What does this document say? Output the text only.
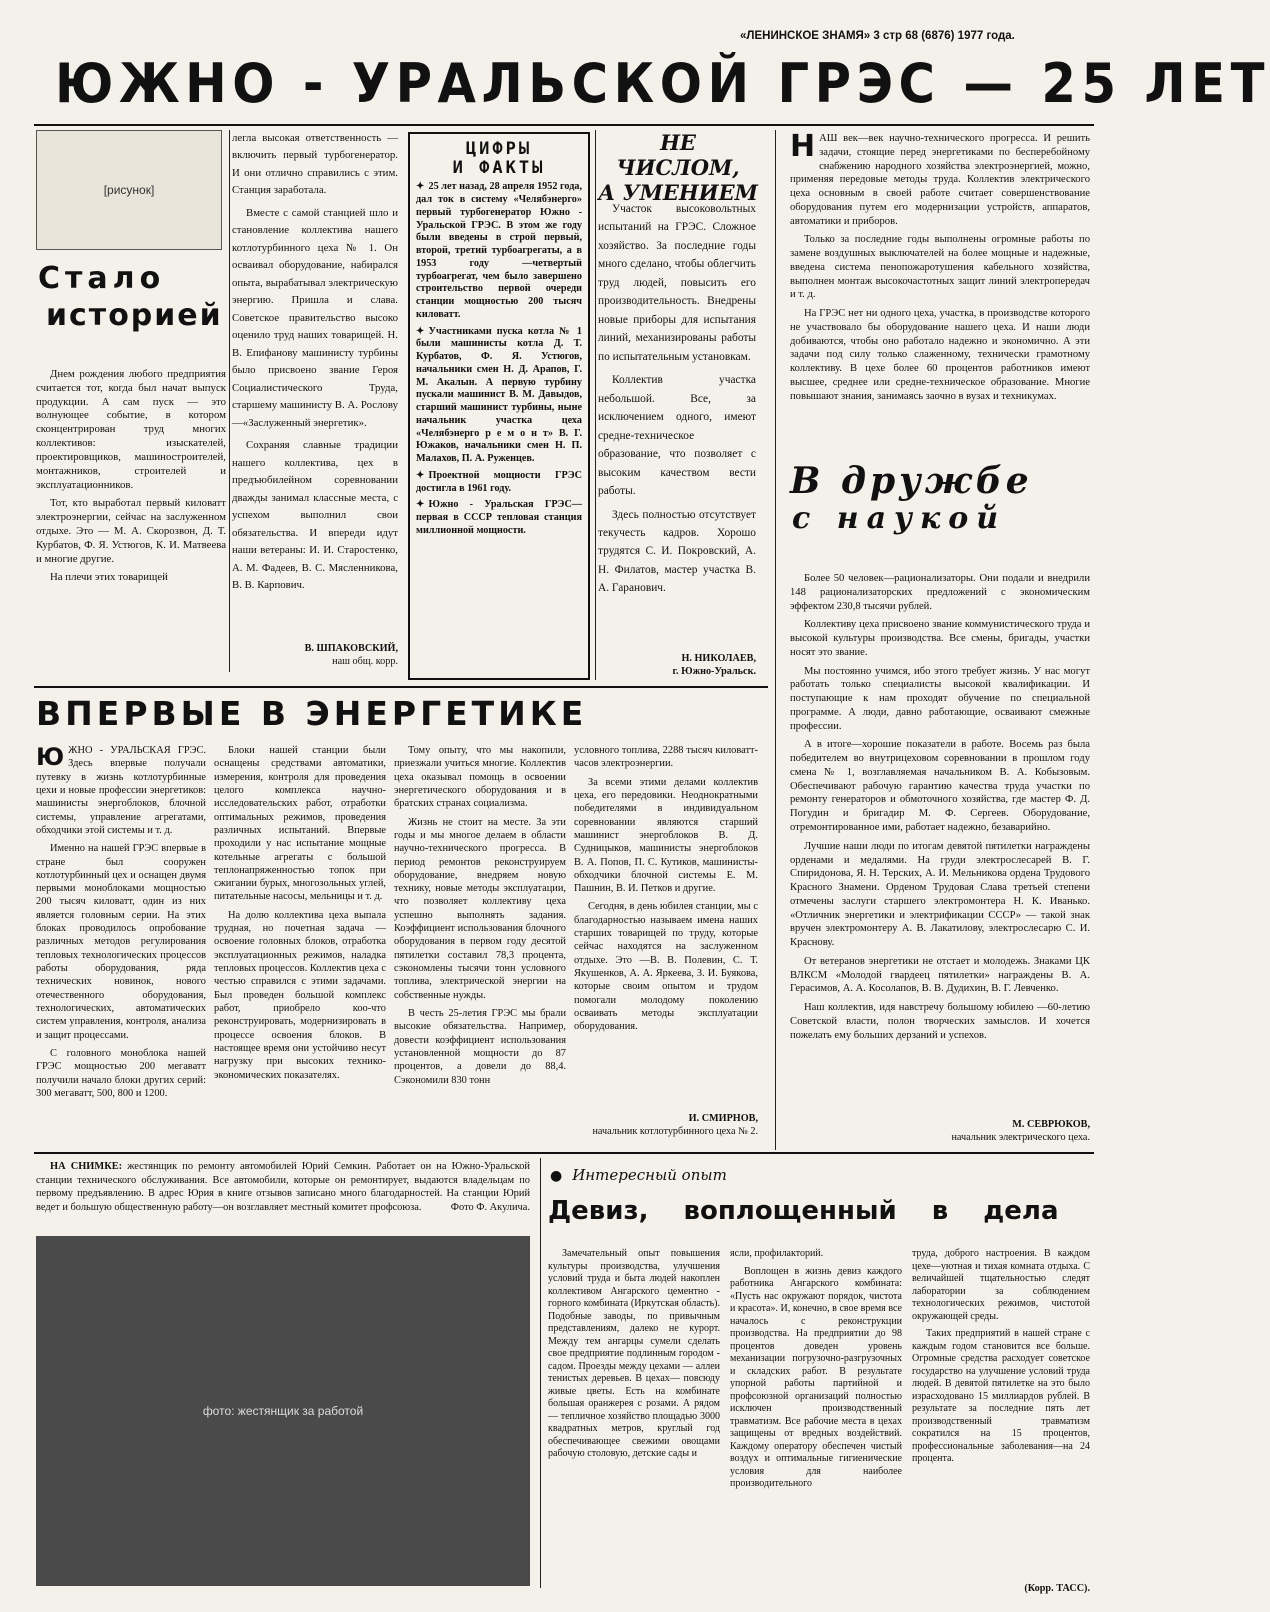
«ЛЕНИНСКОЕ ЗНАМЯ» 3 стр 68 (6876) 1977 года.
ЮЖНО - УРАЛЬСКОЙ ГРЭС — 25 ЛЕТ
[рисунок]
Стало
историей

Днем рождения любого предприятия считается тот, когда был начат выпуск продукции. А сам пуск — это волнующее событие, в котором сконцентрирован труд многих коллективов: изыскателей, проектировщиков, машиностроителей, монтажников, строителей и эксплуатационников.

Тот, кто выработал первый киловатт электроэнергии, сейчас на заслуженном отдыхе. Это — М. А. Скорозвон, Д. Т. Курбатов, Ф. Я. Устюгов, К. И. Матвеева и многие другие.

На плечи этих товарищей

легла высокая ответственность — включить первый турбогенератор. И они отлично справились с этим. Станция заработала.

Вместе с самой станцией шло и становление коллектива нашего котлотурбинного цеха № 1. Он осваивал оборудование, набирался опыта, вырабатывал электрическую энергию. Пришла и слава. Советское правительство высоко оценило труд наших товарищей. Н. В. Епифанову машинисту турбины было присвоено звание Героя Социалистического Труда, старшему машинисту В. А. Рослову—«Заслуженный энергетик».

Сохраняя славные традиции нашего коллектива, цех в предъюбилейном соревновании дважды занимал классные места, с успехом выполнил свои обязательства. И впереди идут наши ветераны: И. И. Старостенко, А. М. Фадеев, В. С. Мясленникова, В. В. Карпович.

В. ШПАКОВСКИЙ,
наш общ. корр.
ЦИФРЫ
И ФАКТЫ

✦ 25 лет назад, 28 апреля 1952 года, дал ток в систему «Челябэнерго» первый турбогенератор Южно - Уральской ГРЭС. В этом же году были введены в строй первый, второй, третий турбоагрегаты, а в 1953 году —четвертый турбоагрегат, чем было завершено строительство первой очереди станции мощностью 200 тысяч киловатт.

✦ Участниками пуска котла № 1 были машинисты котла Д. Т. Курбатов, Ф. Я. Устюгов, начальники смен Н. Д. Арапов, Г. М. Акалын. А первую турбину пускали машинист В. М. Давыдов, старший машинист турбины, ныне начальник участка цеха «Челябэнерго р е м о н т» В. Г. Южаков, начальники смен Н. П. Малахов, П. А. Руженцев.

✦ Проектной мощности ГРЭС достигла в 1961 году.

✦ Южно - Уральская ГРЭС—первая в СССР тепловая станция миллионной мощности.

НЕ ЧИСЛОМ,
А УМЕНИЕМ

Участок высоковольтных испытаний на ГРЭС. Сложное хозяйство. За последние годы много сделано, чтобы облегчить труд людей, повысить его производительность. Внедрены новые приборы для испытания линий, механизированы работы по испытательным установкам.

Коллектив участка небольшой. Все, за исключением одного, имеют средне-техническое образование, что позволяет с высоким качеством вести работы.

Здесь полностью отсутствует текучесть кадров. Хорошо трудятся С. И. Покровский, А. Н. Филатов, мастер участка В. А. Гаранович.

Н. НИКОЛАЕВ,
г. Южно-Уральск.

НАШ век—век научно-технического прогресса. И решить задачи, стоящие перед энергетиками по бесперебойному снабжению народного хозяйства электроэнергией, можно, применяя передовые методы труда. Коллектив электрического цеха основным в своей работе считает совершенствование оборудования путем его модернизации устройств, аппаратов, автоматики и приборов.

Только за последние годы выполнены огромные работы по замене воздушных выключателей на более мощные и надежные, введена система пенопожаротушения кабельного хозяйства, выполнен монтаж высокочастотных защит линий электропередач и т. д.

На ГРЭС нет ни одного цеха, участка, в производстве которого не участвовало бы оборудование нашего цеха. И наши люди добиваются, чтобы оно работало надежно и экономично. А эти задачи под силу только слаженному, технически грамотному коллективу. В цехе более 60 процентов работников имеют высшее, среднее или средне-техническое образование. Многие повышают знания, занимаясь заочно в вузах и техникумах.

В дружбе
с наукой

Более 50 человек—рационализаторы. Они подали и внедрили 148 рационализаторских предложений с экономическим эффектом 230,8 тысячи рублей.

Коллективу цеха присвоено звание коммунистического труда и высокой культуры производства. Все смены, бригады, участки носят это звание.

Мы постоянно учимся, ибо этого требует жизнь. У нас могут работать только специалисты высокой квалификации. И поступающие к нам проходят обучение по специальной программе. А люди, давно работающие, осваивают смежные профессии.

А в итоге—хорошие показатели в работе. Восемь раз была победителем во внутрицеховом соревновании в прошлом году смена № 1, возглавляемая начальником В. А. Кобызовым. Обеспечивают рабочую гарантию качества труда участки по ремонту генераторов и обмоточного хозяйства, где мастер Ф. Д. Погудин и бригадир М. Ф. Сергеев. Оборудование, отремонтированное ими, работает надежно, безаварийно.

Лучшие наши люди по итогам девятой пятилетки награждены орденами и медалями. На груди электрослесарей В. Г. Спиридонова, Я. Н. Терских, А. И. Мельникова ордена Трудового Красного Знамени. Орденом Трудовая Слава третьей степени отмечены заслуги старшего электромонтера Н. К. Иванько. «Отличник энергетики и электрификации СССР» — такой знак вручен электромонтеру А. В. Лакатилову, электрослесарю С. И. Краснову.

От ветеранов энергетики не отстает и молодежь. Знаками ЦК ВЛКСМ «Молодой гвардеец пятилетки» награждены В. А. Герасимов, А. А. Косолапов, В. В. Дудихин, В. Г. Левченко.

Наш коллектив, идя навстречу большому юбилею —60-летию Советской власти, полон творческих замыслов. И хочется пожелать ему больших дерзаний и успехов.

М. СЕВРЮКОВ,
начальник электрического цеха.
ВПЕРВЫЕ В ЭНЕРГЕТИКЕ

ЮЖНО - УРАЛЬСКАЯ ГРЭС. Здесь впервые получали путевку в жизнь котлотурбинные цехи и новые профессии энергетиков: машинисты энергоблоков, блочной системы, управление агрегатами, обходчики этой системы и т. д.

Именно на нашей ГРЭС впервые в стране был сооружен котлотурбинный цех и оснащен двумя первыми моноблоками мощностью 200 тысяч киловатт, один из них является головным серии. На этих блоках проводилось опробование различных методов регулирования тепловых технологических процессов работы оборудования, ряда технических новинок, нового отечественного оборудования, технологических, автоматических систем управления, контроля, анализа и защит процессами.

С головного моноблока нашей ГРЭС мощностью 200 мегаватт получили начало блоки других серий: 300 мегаватт, 500, 800 и 1200.

Блоки нашей станции были оснащены средствами автоматики, измерения, контроля для проведения целого комплекса научно-исследовательских работ, отработки оптимальных режимов, проведения различных испытаний. Впервые проходили у нас испытание мощные котельные агрегаты с большой теплонапряженностью топок при сжигании бурых, многозольных углей, питательные насосы, мельницы и т. д.

На долю коллектива цеха выпала трудная, но почетная задача — освоение головных блоков, отработка эксплуатационных режимов, наладка тепловых процессов. Коллектив цеха с честью справился с этими задачами. Был проведен большой комплекс работ, приобрело коо-что реконструировать, модернизировать в процессе освоения блоков. В настоящее время они устойчиво несут нагрузку при высоких технико-экономических показателях.

Тому опыту, что мы накопили, приезжали учиться многие. Коллектив цеха оказывал помощь в освоении энергетического оборудования и в братских странах социализма.

Жизнь не стоит на месте. За эти годы и мы многое делаем в области научно-технического прогресса. В период ремонтов реконструируем оборудование, внедряем новую технику, новые методы эксплуатации, что позволяет коллективу цеха успешно выполнять задания. Коэффициент использования блочного оборудования в первом году десятой пятилетки составил 78,3 процента, сэкономлены тысячи тонн условного топлива, электрической энергии на собственные нужды.

В честь 25-летия ГРЭС мы брали высокие обязательства. Например, довести коэффициент использования установленной мощности до 87 процентов, а довели до 88,4. Сэкономили 830 тонн

условного топлива, 2288 тысяч киловатт-часов электроэнергии.

За всеми этими делами коллектив цеха, его передовики. Неоднократными победителями в индивидуальном соревновании являются старший машинист энергоблоков В. Д. Судницыков, машинисты энергоблоков В. А. Попов, П. С. Кутиков, машинисты-обходчики блочной системы Е. М. Пашнин, В. И. Петков и другие.

Сегодня, в день юбилея станции, мы с благодарностью называем имена наших старших товарищей по труду, которые сейчас находятся на заслуженном отдыхе. Это —В. В. Полевин, С. Т. Якушенков, А. А. Яркеева, З. И. Буякова, которые своим опытом и трудом помогали молодому поколению осваивать методы эксплуатации оборудования.

И. СМИРНОВ,
начальник котлотурбинного цеха № 2.
НА СНИМКЕ: жестянщик по ремонту автомобилей Юрий Семкин. Работает он на Южно-Уральской станции технического обслуживания. Все автомобили, которые он ремонтирует, выдаются владельцам по первому предъявлению. В адрес Юрия в книге отзывов записано много благодарностей. На станции Юрий ведет и большую общественную работу—он возглавляет местный комитет профсоюза.	Фото Ф. Акулича.
фото: жестянщик за работой
● Интересный опыт
Девиз, воплощенный в дела

Замечательный опыт повышения культуры производства, улучшения условий труда и быта людей накоплен коллективом Ангарского цементно - горного комбината (Иркутская область). Подобные заводы, по привычным представлениям, далеко не курорт. Между тем ангарцы сумели сделать свое предприятие подлинным городом - садом. Проезды между цехами — аллеи тенистых деревьев. В цехах— повсюду живые цветы. Есть на комбинате большая оранжерея с розами. А рядом — тепличное хозяйство площадью 3000 квадратных метров, круглый год обеспечивающее свежими овощами рабочую столовую, детские сады и

ясли, профилакторий.

Воплощен в жизнь девиз каждого работника Ангарского комбината: «Пусть нас окружают порядок, чистота и красота». И, конечно, в свое время все началось с реконструкции производства. На предприятии до 98 процентов доведен уровень механизации погрузочно-разгрузочных и складских работ. В результате упорной работы партийной и профсоюзной организаций полностью исключен производственный травматизм. Все рабочие места в цехах защищены от вредных воздействий. Каждому оператору обеспечен чистый воздух и оптимальные гигиенические условия для наиболее производительного

труда, доброго настроения. В каждом цехе—уютная и тихая комната отдыха. С величайшей тщательностью следят лаборатории за соблюдением технологических режимов, чистотой окружающей среды.

Таких предприятий в нашей стране с каждым годом становится все больше. Огромные средства расходует советское государство на улучшение условий труда людей. В девятой пятилетке на это было израсходовано 15 миллиардов рублей. В результате за последние пять лет производственный травматизм сократился на 15 процентов, профессиональные заболевания—на 24 процента.

(Корр. ТАСС).
